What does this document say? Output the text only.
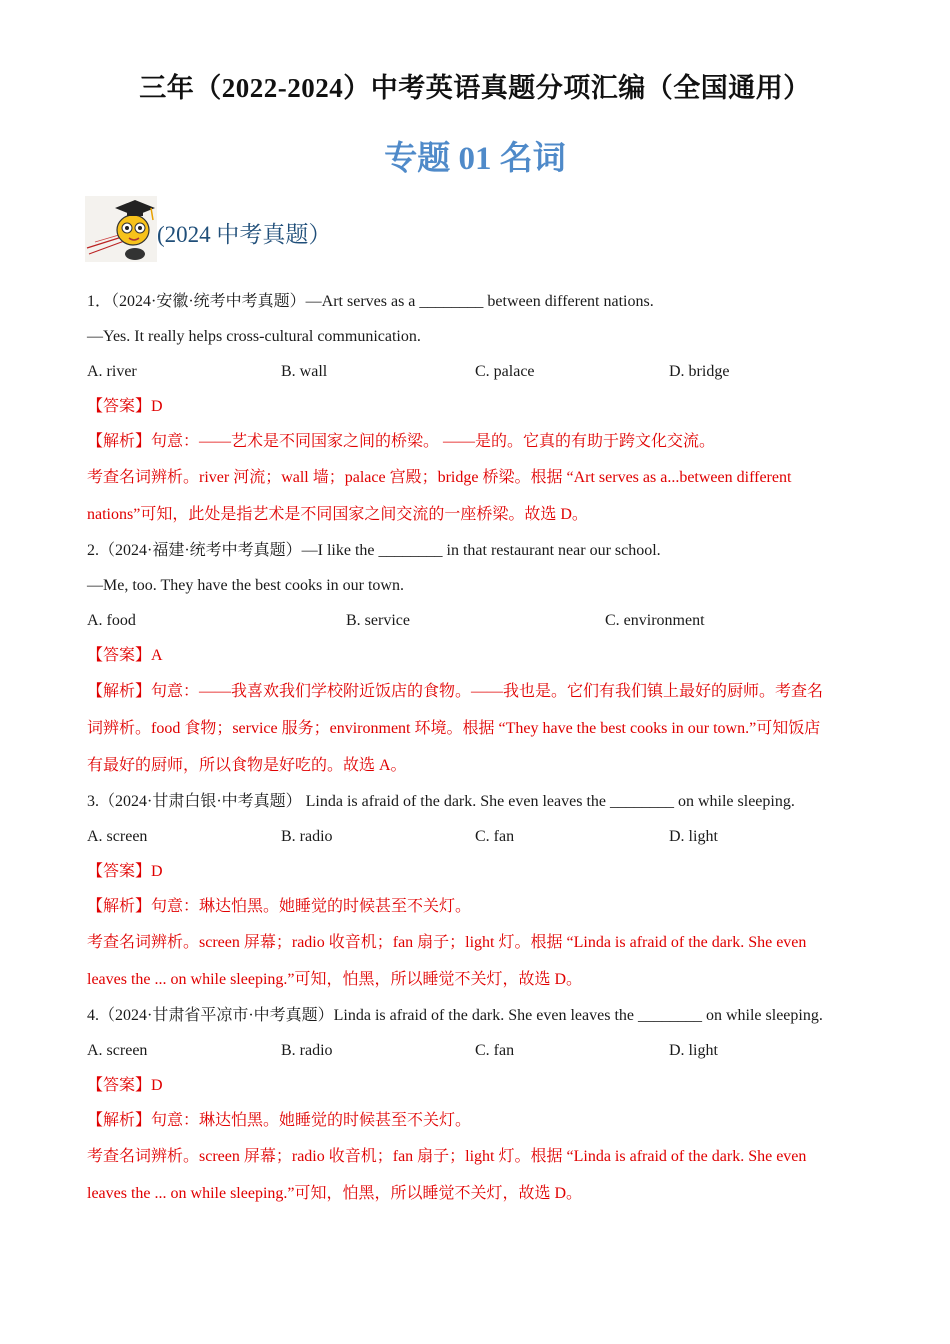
三年（2022-2024）中考英语真题分项汇编（全国通用）
专题 01 名词
(2024 中考真题）
1．（2024·安徽·统考中考真题）—Art serves as a ________ between different nations.
—Yes. It really helps cross-cultural communication.
A. river	B. wall	C. palace	D. bridge
【答案】D
【解析】句意：——艺术是不同国家之间的桥梁。 ——是的。它真的有助于跨文化交流。
考查名词辨析。river 河流；wall 墙；palace 宫殿；bridge 桥梁。根据 “Art serves as a...between different
nations”可知，此处是指艺术是不同国家之间交流的一座桥梁。故选 D。
2.（2024·福建·统考中考真题）—I like the ________ in that restaurant near our school.
—Me, too. They have the best cooks in our town.
A. food	B. service	C. environment
【答案】A
【解析】句意：——我喜欢我们学校附近饭店的食物。——我也是。它们有我们镇上最好的厨师。考查名
词辨析。food 食物；service 服务；environment 环境。根据 “They have the best cooks in our town.”可知饭店
有最好的厨师，所以食物是好吃的。故选 A。
3.（2024·甘肃白银·中考真题） Linda is afraid of the dark. She even leaves the ________ on while sleeping.
A. screen	B. radio	C. fan	D. light
【答案】D
【解析】句意：琳达怕黑。她睡觉的时候甚至不关灯。
考查名词辨析。screen 屏幕；radio 收音机；fan 扇子；light 灯。根据 “Linda is afraid of the dark. She even
leaves the ... on while sleeping.”可知，怕黑，所以睡觉不关灯，故选 D。
4.（2024·甘肃省平凉市·中考真题）Linda is afraid of the dark. She even leaves the ________ on while sleeping.
A. screen	B. radio	C. fan	D. light
【答案】D
【解析】句意：琳达怕黑。她睡觉的时候甚至不关灯。
考查名词辨析。screen 屏幕；radio 收音机；fan 扇子；light 灯。根据 “Linda is afraid of the dark. She even
leaves the ... on while sleeping.”可知，怕黑，所以睡觉不关灯，故选 D。
